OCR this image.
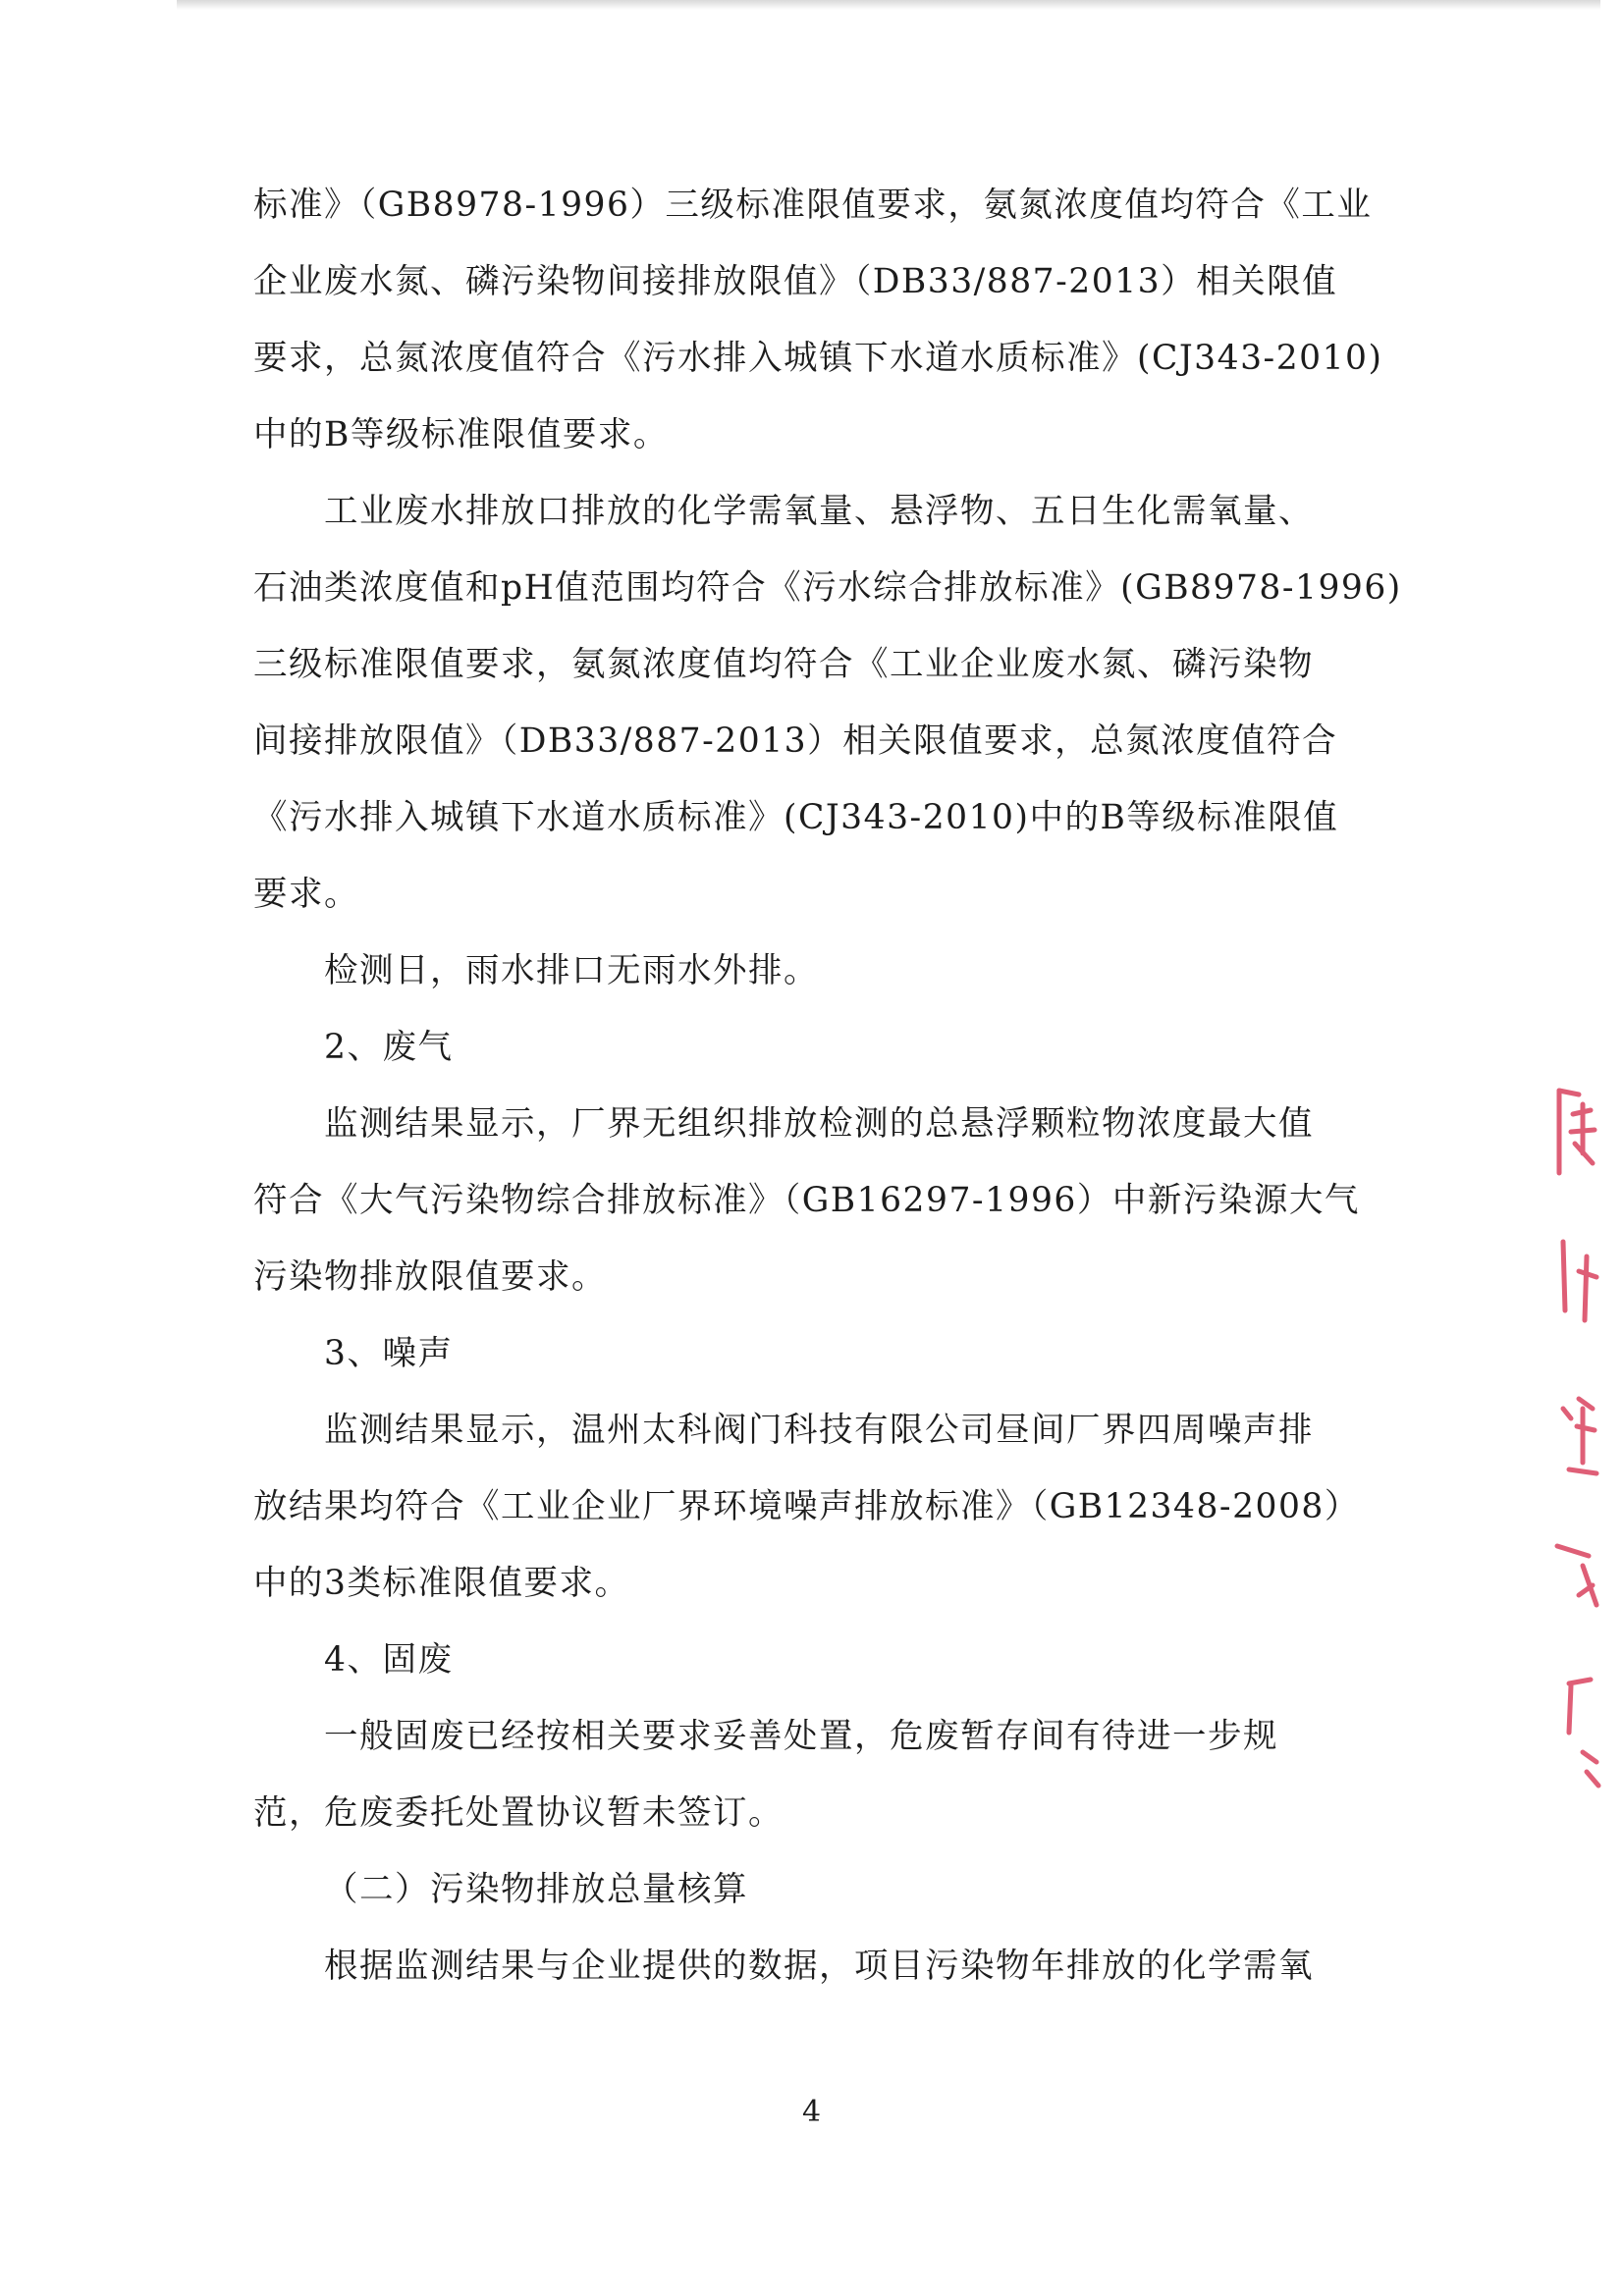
标准》（GB8978-1996）三级标准限值要求，氨氮浓度值均符合《工业
企业废水氮、磷污染物间接排放限值》（DB33/887-2013）相关限值
要求，总氮浓度值符合《污水排入城镇下水道水质标准》(CJ343-2010)
中的B等级标准限值要求。

工业废水排放口排放的化学需氧量、悬浮物、五日生化需氧量、
石油类浓度值和pH值范围均符合《污水综合排放标准》(GB8978-1996)
三级标准限值要求，氨氮浓度值均符合《工业企业废水氮、磷污染物
间接排放限值》（DB33/887-2013）相关限值要求，总氮浓度值符合
《污水排入城镇下水道水质标准》(CJ343-2010)中的B等级标准限值
要求。

检测日，雨水排口无雨水外排。

2、废气

监测结果显示，厂界无组织排放检测的总悬浮颗粒物浓度最大值
符合《大气污染物综合排放标准》（GB16297-1996）中新污染源大气
污染物排放限值要求。

3、噪声

监测结果显示，温州太科阀门科技有限公司昼间厂界四周噪声排
放结果均符合《工业企业厂界环境噪声排放标准》（GB12348-2008）
中的3类标准限值要求。

4、固废

一般固废已经按相关要求妥善处置，危废暂存间有待进一步规
范，危废委托处置协议暂未签订。

（二）污染物排放总量核算

根据监测结果与企业提供的数据，项目污染物年排放的化学需氧

4
